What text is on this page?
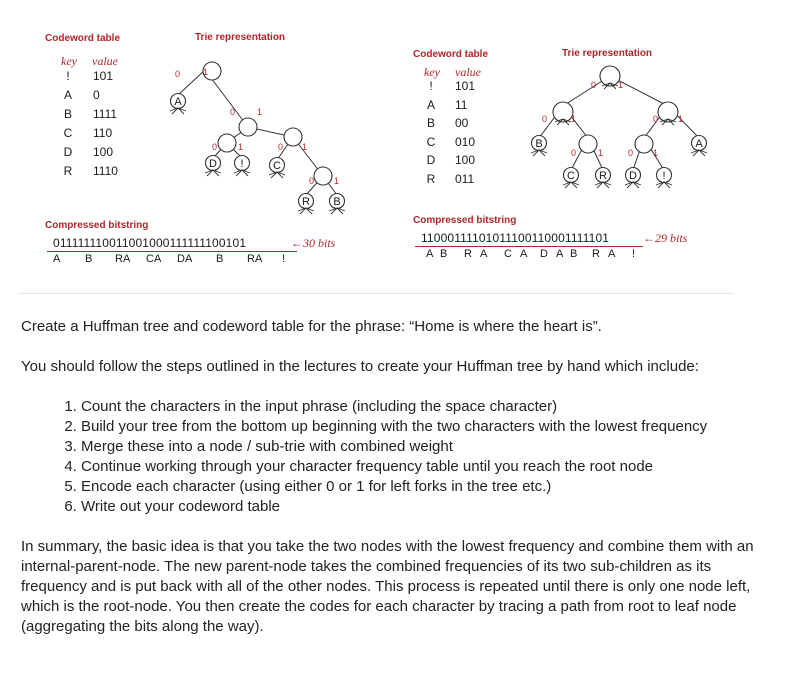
Codeword table	Trie representation
key value
!	101
A 0
B 1111
C 110
D 100
R 1110
A
D !	C
R B
0	1
0 1
0 1	0 1
0 1
Compressed bitstring
011111110011001000111111100101	←30 bits
A B RA CA DA B RA !
Codeword table	Trie representation
key value
!	101
A 11
B 00
C 010
D 100
R 011
B	A
C R D !
0 1
0	1	0 1
0 1	0 1
Compressed bitstring
11000111101011100110001111101	←29 bits
A B R A C A D A B R A !

Create a Huffman tree and codeword table for the phrase: “Home is where the heart is”.

You should follow the steps outlined in the lectures to create your Huffman tree by hand which include:

1. Count the characters in the input phrase (including the space character)
2. Build your tree from the bottom up beginning with the two characters with the lowest frequency
3. Merge these into a node / sub-trie with combined weight
4. Continue working through your character frequency table until you reach the root node
5. Encode each character (using either 0 or 1 for left forks in the tree etc.)
6. Write out your codeword table

In summary, the basic idea is that you take the two nodes with the lowest frequency and combine them with an internal-parent-node. The new parent-node takes the combined frequencies of its two sub-children as its frequency and is put back with all of the other nodes. This process is repeated until there is only one node left, which is the root-node. You then create the codes for each character by tracing a path from root to leaf node (aggregating the bits along the way).
